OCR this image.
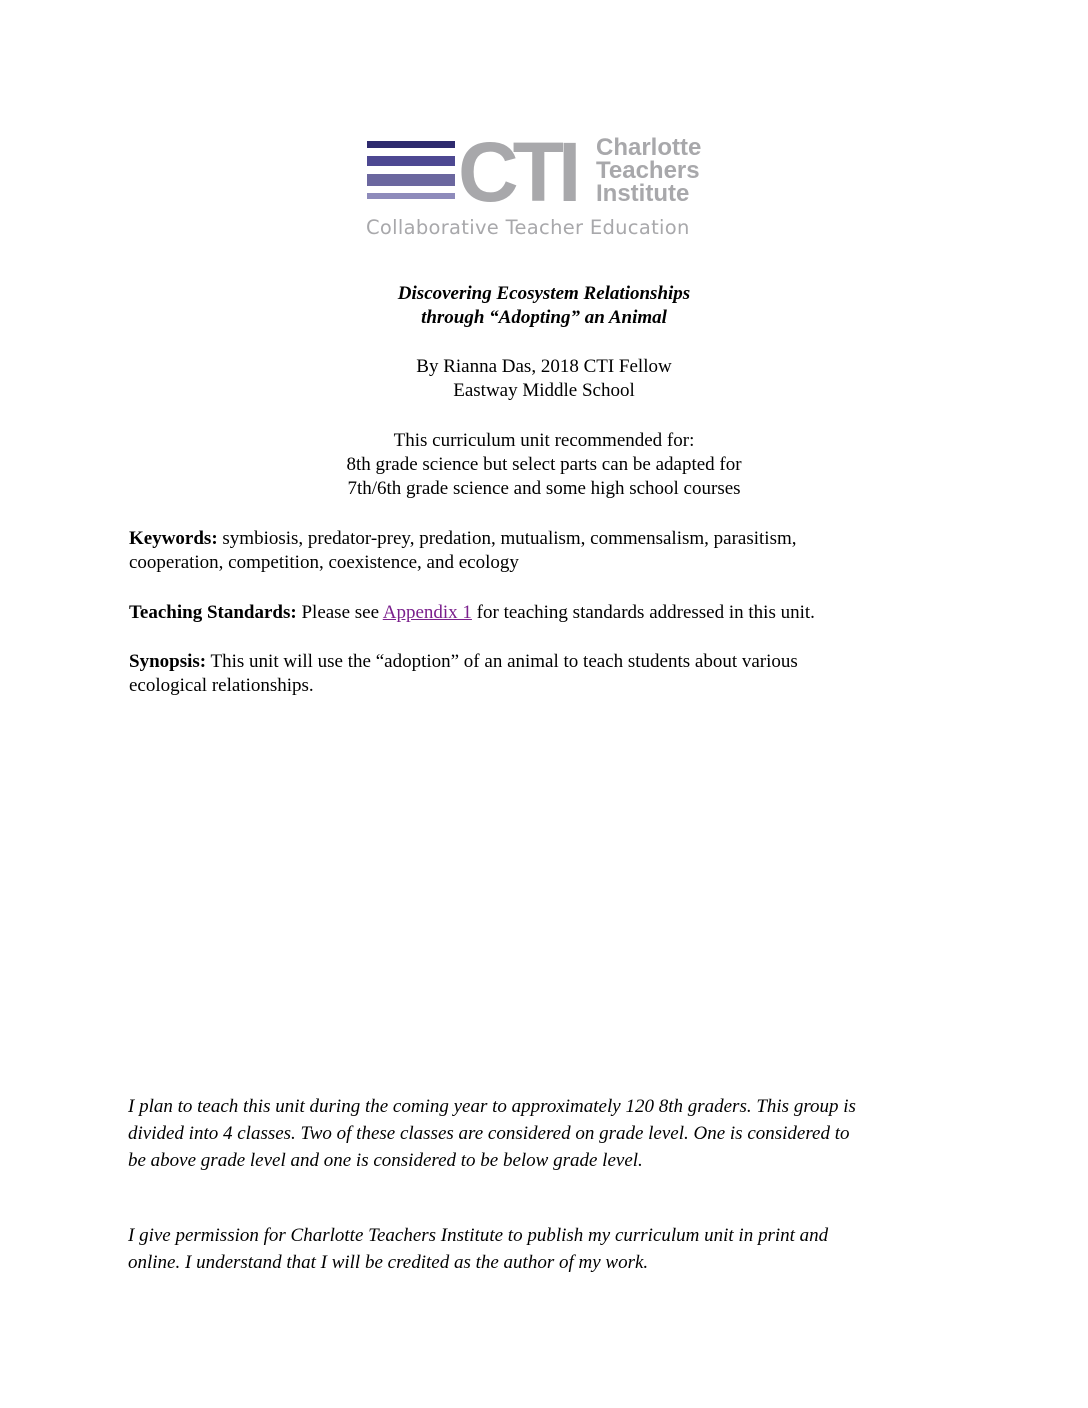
CTI Charlotte
Teachers
Institute
Collaborative Teacher Education
Discovering Ecosystem Relationships
through “Adopting” an Animal
By Rianna Das, 2018 CTI Fellow
Eastway Middle School
This curriculum unit recommended for:
8th grade science but select parts can be adapted for
7th/6th grade science and some high school courses
Keywords: symbiosis, predator-prey, predation, mutualism, commensalism, parasitism,
cooperation, competition, coexistence, and ecology
Teaching Standards: Please see Appendix 1 for teaching standards addressed in this unit.
Synopsis: This unit will use the “adoption” of an animal to teach students about various
ecological relationships.
I plan to teach this unit during the coming year to approximately 120 8th graders. This group is
divided into 4 classes. Two of these classes are considered on grade level. One is considered to
be above grade level and one is considered to be below grade level.
I give permission for Charlotte Teachers Institute to publish my curriculum unit in print and
online. I understand that I will be credited as the author of my work.
